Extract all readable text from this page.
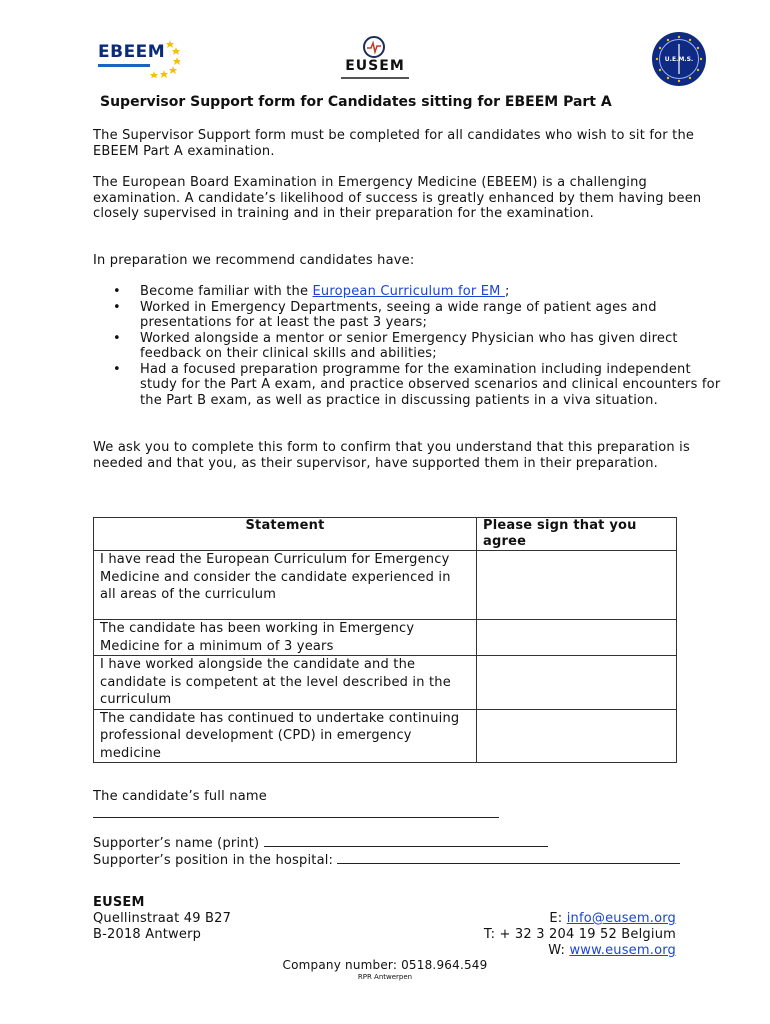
EBEEM
EUSEM	U.E.M.S.
Supervisor Support form for Candidates sitting for EBEEM Part A
The Supervisor Support form must be completed for all candidates who wish to sit for the EBEEM Part A examination.
The European Board Examination in Emergency Medicine (EBEEM) is a challenging examination. A candidate’s likelihood of success is greatly enhanced by them having been closely supervised in training and in their preparation for the examination.
In preparation we recommend candidates have:
• Become familiar with the European Curriculum for EM ;
• Worked in Emergency Departments, seeing a wide range of patient ages and presentations for at least the past 3 years;
• Worked alongside a mentor or senior Emergency Physician who has given direct feedback on their clinical skills and abilities;
• Had a focused preparation programme for the examination including independent study for the Part A exam, and practice observed scenarios and clinical encounters for the Part B exam, as well as practice in discussing patients in a viva situation.
We ask you to complete this form to confirm that you understand that this preparation is needed and that you, as their supervisor, have supported them in their preparation.
Statement	Please sign that you agree
I have read the European Curriculum for Emergency Medicine and consider the candidate experienced in all areas of the curriculum	
The candidate has been working in Emergency Medicine for a minimum of 3 years	
I have worked alongside the candidate and the candidate is competent at the level described in the curriculum	
The candidate has continued to undertake continuing professional development (CPD) in emergency medicine	
The candidate’s full name
Supporter’s name (print)
Supporter’s position in the hospital:
EUSEM
Quellinstraat 49 B27
B-2018 Antwerp
E: info@eusem.org
T: + 32 3 204 19 52 Belgium
W: www.eusem.org
Company number: 0518.964.549
RPR Antwerpen
